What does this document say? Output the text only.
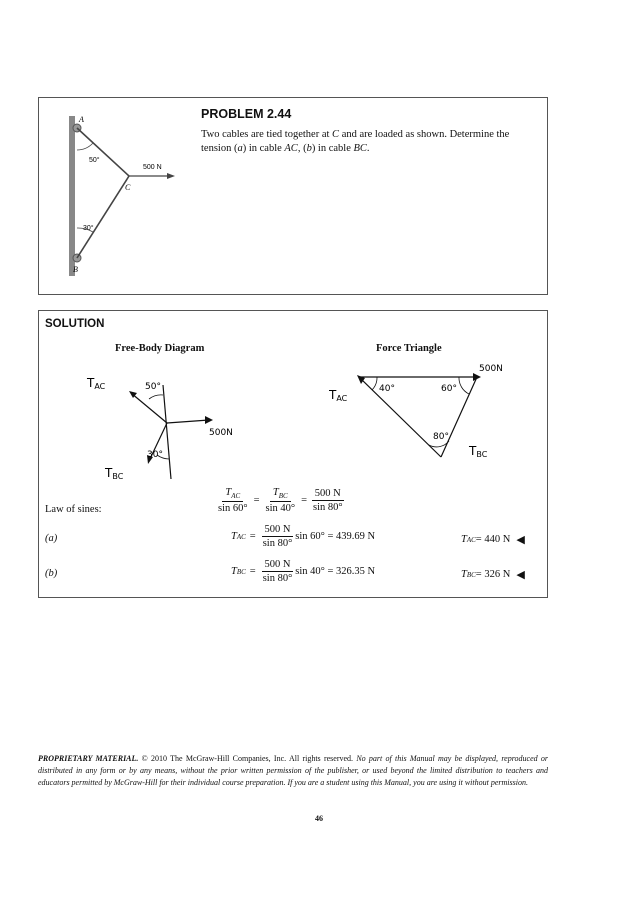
A
B
C
50°
30°
500 N
PROBLEM 2.44
Two cables are tied together at C and are loaded as shown. Determine the tension (a) in cable AC, (b) in cable BC.
SOLUTION
Free-Body Diagram	Force Triangle
TAC
TBC
50°
30°
500N
TAC
TBC
40°	60°
80°
500N
Law of sines:	$\frac{T_{AC}}{\sin 60^\circ} = \frac{T_{BC}}{\sin 40^\circ} = \frac{500 N}{\sin 80^\circ}$
(a)	T AC = $\frac{500 N}{\sin 80^\circ}$ sin 60° = 439.69 N	T AC = 440 N ◀
(b)	T BC = $\frac{500 N}{\sin 80^\circ}$ sin 40° = 326.35 N	T BC = 326 N ◀
PROPRIETARY MATERIAL. © 2010 The McGraw-Hill Companies, Inc. All rights reserved. No part of this Manual may be displayed, reproduced or distributed in any form or by any means, without the prior written permission of the publisher, or used beyond the limited distribution to teachers and educators permitted by McGraw-Hill for their individual course preparation. If you are a student using this Manual, you are using it without permission.
46
